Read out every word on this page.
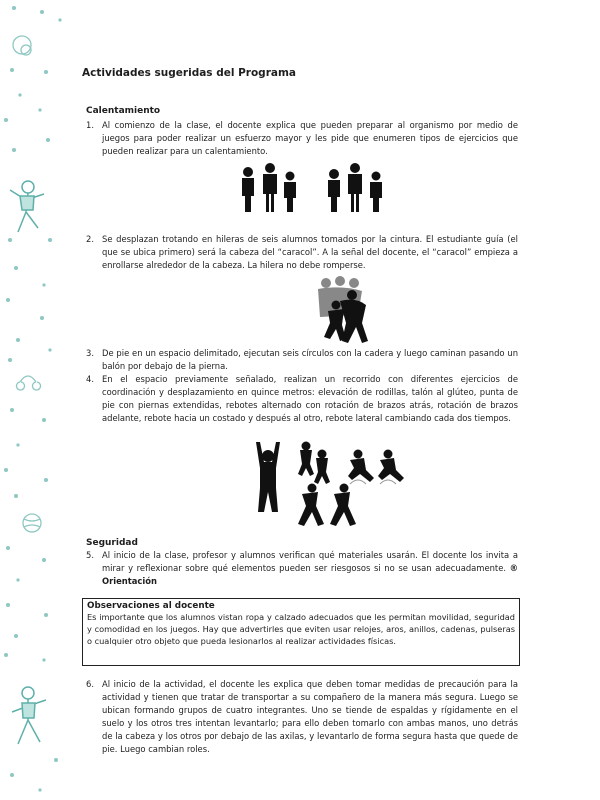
Actividades sugeridas del Programa
Calentamiento
1. Al comienzo de la clase, el docente explica que pueden preparar al organismo por medio de juegos para poder realizar un esfuerzo mayor y les pide que enumeren tipos de ejercicios que pueden realizar para un calentamiento.
2. Se desplazan trotando en hileras de seis alumnos tomados por la cintura. El estudiante guía (el que se ubica primero) será la cabeza del “caracol”. A la señal del docente, el “caracol” empieza a enrollarse alrededor de la cabeza. La hilera no debe romperse.
3. De pie en un espacio delimitado, ejecutan seis círculos con la cadera y luego caminan pasando un balón por debajo de la pierna.
4. En el espacio previamente señalado, realizan un recorrido con diferentes ejercicios de coordinación y desplazamiento en quince metros: elevación de rodillas, talón al glúteo, punta de pie con piernas extendidas, rebotes alternado con rotación de brazos atrás, rotación de brazos adelante, rebote hacia un costado y después al otro, rebote lateral cambiando cada dos tiempos.
Seguridad
5. Al inicio de la clase, profesor y alumnos verifican qué materiales usarán. El docente los invita a mirar y reflexionar sobre qué elementos pueden ser riesgosos si no se usan adecuadamente. ® Orientación
Observaciones al docente
Es importante que los alumnos vistan ropa y calzado adecuados que les permitan movilidad, seguridad y comodidad en los juegos. Hay que advertirles que eviten usar relojes, aros, anillos, cadenas, pulseras o cualquier otro objeto que pueda lesionarlos al realizar actividades físicas.
6. Al inicio de la actividad, el docente les explica que deben tomar medidas de precaución para la actividad y tienen que tratar de transportar a su compañero de la manera más segura. Luego se ubican formando grupos de cuatro integrantes. Uno se tiende de espaldas y rígidamente en el suelo y los otros tres intentan levantarlo; para ello deben tomarlo con ambas manos, uno detrás de la cabeza y los otros por debajo de las axilas, y levantarlo de forma segura hasta que quede de pie. Luego cambian roles.
